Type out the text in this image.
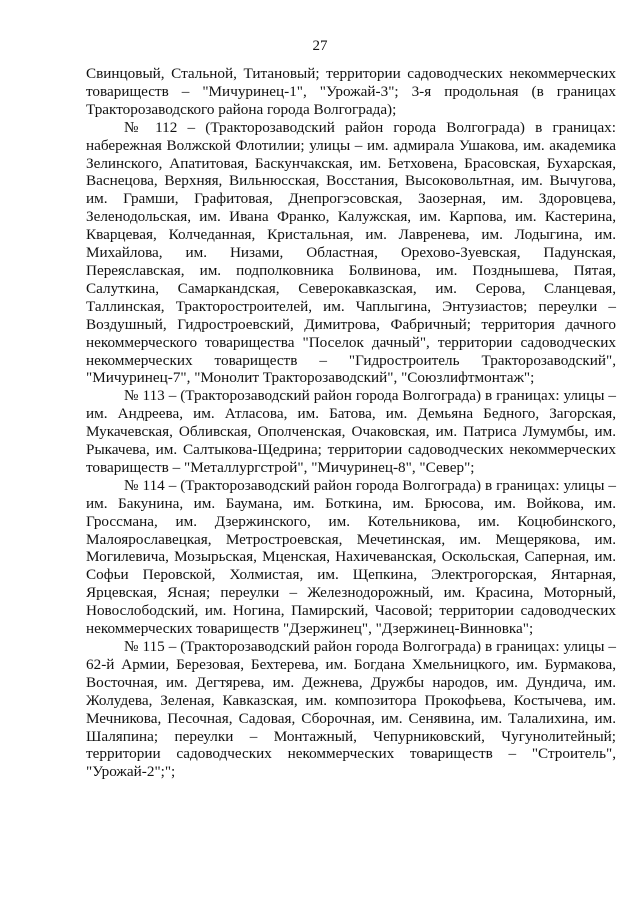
27

Свинцовый, Стальной, Титановый; территории садоводческих некоммерческих товариществ – "Мичуринец-1", "Урожай-3"; 3-я продольная (в границах Тракторозаводского района города Волгограда);

№ 112 – (Тракторозаводский район города Волгограда) в границах: набережная Волжской Флотилии; улицы – им. адмирала Ушакова, им. академика Зелинского, Апатитовая, Баскунчакская, им. Бетховена, Брасовская, Бухарская, Васнецова, Верхняя, Вильнюсская, Восстания, Высоковольтная, им. Вычугова, им. Грамши, Графитовая, Днепрогэсовская, Заозерная, им. Здоровцева, Зеленодольская, им. Ивана Франко, Калужская, им. Карпова, им. Кастерина, Кварцевая, Колчеданная, Кристальная, им. Лавренева, им. Лодыгина, им. Михайлова, им. Низами, Областная, Орехово-Зуевская, Падунская, Переяславская, им. подполковника Болвинова, им. Позднышева, Пятая, Салуткина, Самаркандская, Северокавказская, им. Серова, Сланцевая, Таллинская, Тракторостроителей, им. Чаплыгина, Энтузиастов; переулки – Воздушный, Гидростроевский, Димитрова, Фабричный; территория дачного некоммерческого товарищества "Поселок дачный", территории садоводческих некоммерческих товариществ – "Гидростроитель Тракторозаводский", "Мичуринец-7", "Монолит Тракторозаводский", "Союзлифтмонтаж";

№ 113 – (Тракторозаводский район города Волгограда) в границах: улицы – им. Андреева, им. Атласова, им. Батова, им. Демьяна Бедного, Загорская, Мукачевская, Обливская, Ополченская, Очаковская, им. Патриса Лумумбы, им. Рыкачева, им. Салтыкова-Щедрина; территории садоводческих некоммерческих товариществ – "Металлургстрой", "Мичуринец-8", "Север";

№ 114 – (Тракторозаводский район города Волгограда) в границах: улицы – им. Бакунина, им. Баумана, им. Боткина, им. Брюсова, им. Войкова, им. Гроссмана, им. Дзержинского, им. Котельникова, им. Коцюбинского, Малоярославецкая, Метростроевская, Мечетинская, им. Мещерякова, им. Могилевича, Мозырьская, Мценская, Нахичеванская, Оскольская, Саперная, им. Софьи Перовской, Холмистая, им. Щепкина, Электрогорская, Янтарная, Ярцевская, Ясная; переулки – Железнодорожный, им. Красина, Моторный, Новослободский, им. Ногина, Памирский, Часовой; территории садоводческих некоммерческих товариществ "Дзержинец", "Дзержинец-Винновка";

№ 115 – (Тракторозаводский район города Волгограда) в границах: улицы – 62-й Армии, Березовая, Бехтерева, им. Богдана Хмельницкого, им. Бурмакова, Восточная, им. Дегтярева, им. Дежнева, Дружбы народов, им. Дундича, им. Жолудева, Зеленая, Кавказская, им. композитора Прокофьева, Костычева, им. Мечникова, Песочная, Садовая, Сборочная, им. Сенявина, им. Талалихина, им. Шаляпина; переулки – Монтажный, Чепурниковский, Чугунолитейный; территории садоводческих некоммерческих товариществ – "Строитель", "Урожай-2";";
